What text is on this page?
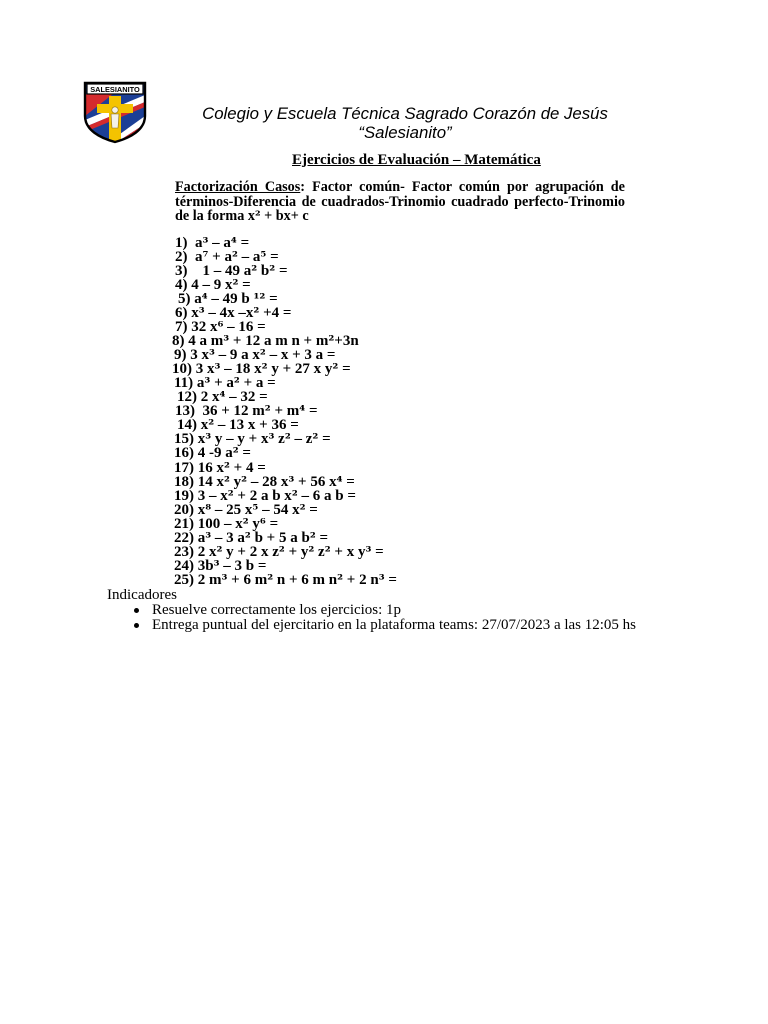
SALESIANITO
Colegio y Escuela Técnica Sagrado Corazón de Jesús
“Salesianito”
Ejercicios de Evaluación – Matemática
Factorización Casos: Factor común- Factor común por agrupación de términos-Diferencia de cuadrados-Trinomio cuadrado perfecto-Trinomio de la forma x² + bx+ c
1)  a³ – a⁴ =
2)  a⁷ + a² – a⁵ =
3)    1 – 49 a² b² =
4) 4 – 9 x² =
5) a⁴ – 49 b ¹² =
6) x³ – 4x –x² +4 =
7) 32 x⁶ – 16 =
8) 4 a m³ + 12 a m n + m²+3n
9) 3 x³ – 9 a x² – x + 3 a =
10) 3 x³ – 18 x² y + 27 x y² =
11) a³ + a² + a =
12) 2 x⁴ – 32 =
13)  36 + 12 m² + m⁴ =
14) x² – 13 x + 36 =
15) x³ y – y + x³ z² – z² =
16) 4 -9 a² =
17) 16 x² + 4 =
18) 14 x² y² – 28 x³ + 56 x⁴ =
19) 3 – x² + 2 a b x² – 6 a b =
20) x⁸ – 25 x⁵ – 54 x² =
21) 100 – x² y⁶ =
22) a³ – 3 a² b + 5 a b² =
23) 2 x² y + 2 x z² + y² z² + x y³ =
24) 3b³ – 3 b =
25) 2 m³ + 6 m² n + 6 m n² + 2 n³ =
Indicadores
Resuelve correctamente los ejercicios: 1p
Entrega puntual del ejercitario en la plataforma teams: 27/07/2023 a las 12:05 hs
